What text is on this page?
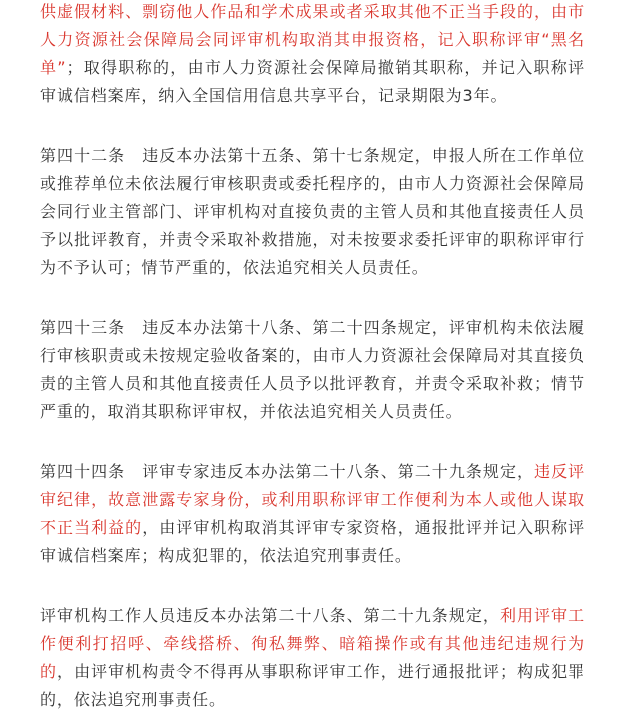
供虚假材料、剽窃他人作品和学术成果或者采取其他不正当手段的，由市人力资源社会保障局会同评审机构取消其申报资格，记入职称评审“黑名单”；取得职称的，由市人力资源社会保障局撤销其职称，并记入职称评审诚信档案库，纳入全国信用信息共享平台，记录期限为3年。

第四十二条　违反本办法第十五条、第十七条规定，申报人所在工作单位或推荐单位未依法履行审核职责或委托程序的，由市人力资源社会保障局会同行业主管部门、评审机构对直接负责的主管人员和其他直接责任人员予以批评教育，并责令采取补救措施，对未按要求委托评审的职称评审行为不予认可；情节严重的，依法追究相关人员责任。

第四十三条　违反本办法第十八条、第二十四条规定，评审机构未依法履行审核职责或未按规定验收备案的，由市人力资源社会保障局对其直接负责的主管人员和其他直接责任人员予以批评教育，并责令采取补救；情节严重的，取消其职称评审权，并依法追究相关人员责任。

第四十四条　评审专家违反本办法第二十八条、第二十九条规定，违反评审纪律，故意泄露专家身份，或利用职称评审工作便利为本人或他人谋取不正当利益的，由评审机构取消其评审专家资格，通报批评并记入职称评审诚信档案库；构成犯罪的，依法追究刑事责任。

评审机构工作人员违反本办法第二十八条、第二十九条规定，利用评审工作便利打招呼、牵线搭桥、徇私舞弊、暗箱操作或有其他违纪违规行为的，由评审机构责令不得再从事职称评审工作，进行通报批评；构成犯罪的，依法追究刑事责任。
